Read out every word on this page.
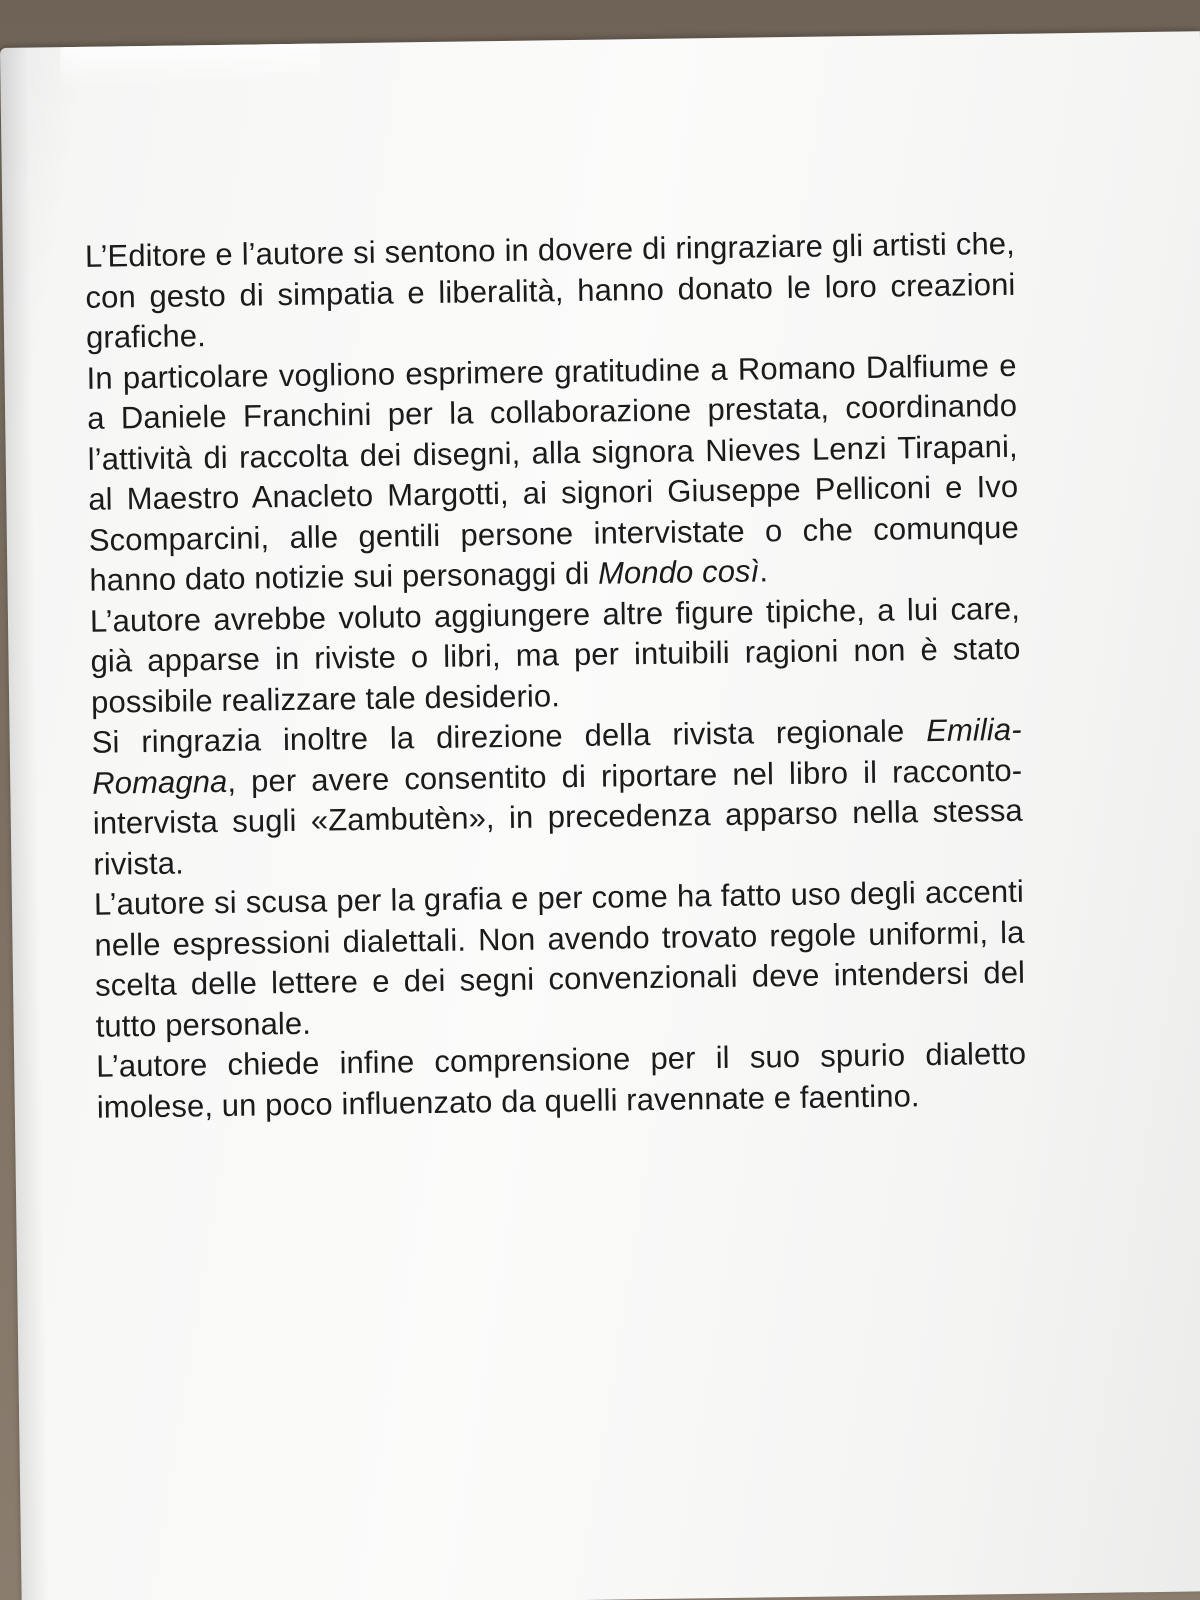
L’Editore e l’autore si sentono in dovere di ringraziare gli artisti che, con gesto di simpatia e liberalità, hanno donato le loro creazioni grafiche.

In particolare vogliono esprimere gratitudine a Romano Dalfiume e a Daniele Franchini per la collaborazione prestata, coordinando l’attività di raccolta dei disegni, alla signora Nieves Lenzi Tirapani, al Maestro Anacleto Margotti, ai signori Giuseppe Pelliconi e Ivo Scomparcini, alle gentili persone intervistate o che comunque hanno dato notizie sui personaggi di Mondo così.

L’autore avrebbe voluto aggiungere altre figure tipiche, a lui care, già apparse in riviste o libri, ma per intuibili ragioni non è stato possibile realizzare tale desiderio.

Si ringrazia inoltre la direzione della rivista regionale Emilia-Romagna, per avere consentito di riportare nel libro il racconto-intervista sugli «Zambutèn», in precedenza apparso nella stessa rivista.

L’autore si scusa per la grafia e per come ha fatto uso degli accenti nelle espressioni dialettali. Non avendo trovato regole uniformi, la scelta delle lettere e dei segni convenzionali deve intendersi del tutto personale.

L’autore chiede infine comprensione per il suo spurio dialetto imolese, un poco influenzato da quelli ravennate e faentino.
